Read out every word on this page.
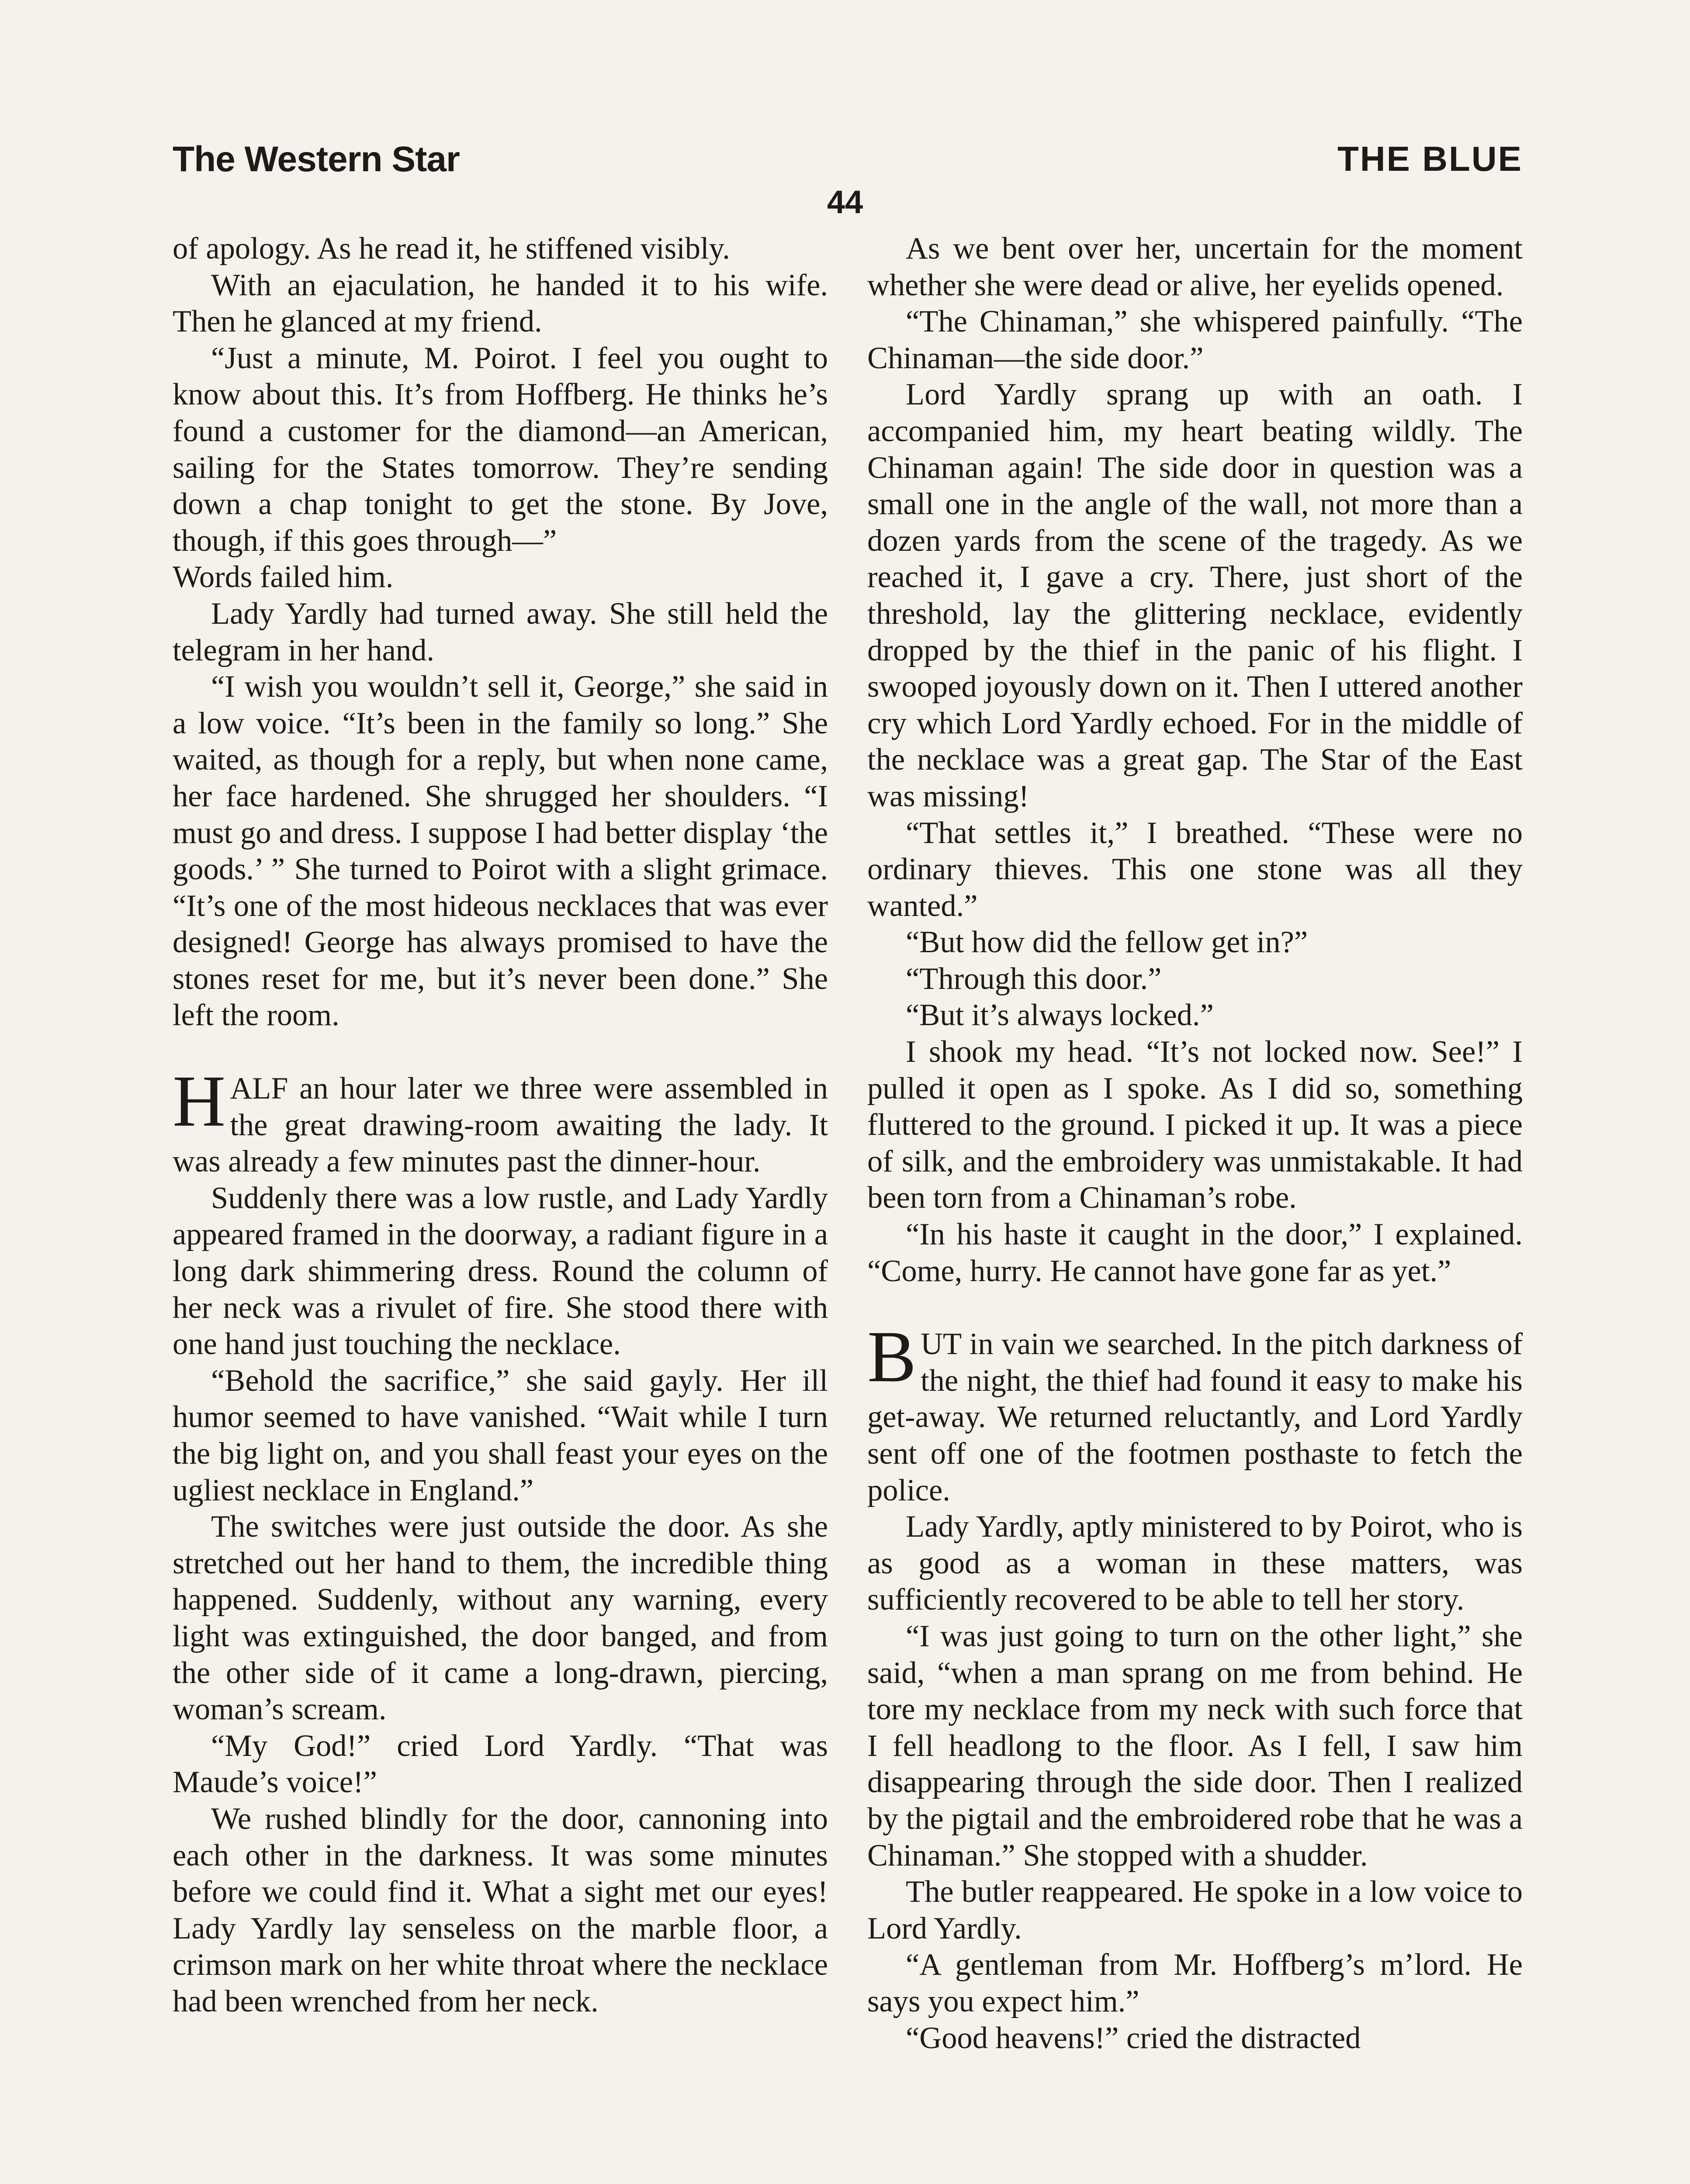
The Western Star	THE BLUE
44

of apology. As he read it, he stiffened visibly.

With an ejaculation, he handed it to his wife. Then he glanced at my friend.

“Just a minute, M. Poirot. I feel you ought to know about this. It’s from Hoffberg. He thinks he’s found a customer for the diamond—an American, sailing for the States tomorrow. They’re sending down a chap tonight to get the stone. By Jove, though, if this goes through—”

Words failed him.

Lady Yardly had turned away. She still held the telegram in her hand.

“I wish you wouldn’t sell it, George,” she said in a low voice. “It’s been in the family so long.” She waited, as though for a reply, but when none came, her face hardened. She shrugged her shoulders. “I must go and dress. I suppose I had better display ‘the goods.’ ” She turned to Poirot with a slight grimace. “It’s one of the most hideous necklaces that was ever designed! George has always promised to have the stones reset for me, but it’s never been done.” She left the room.

HALF an hour later we three were assembled in the great drawing-room awaiting the lady. It was already a few minutes past the dinner-hour.

Suddenly there was a low rustle, and Lady Yardly appeared framed in the doorway, a radiant figure in a long dark shimmering dress. Round the column of her neck was a rivulet of fire. She stood there with one hand just touching the necklace.

“Behold the sacrifice,” she said gayly. Her ill humor seemed to have vanished. “Wait while I turn the big light on, and you shall feast your eyes on the ugliest necklace in England.”

The switches were just outside the door. As she stretched out her hand to them, the incredible thing happened. Suddenly, without any warning, every light was extinguished, the door banged, and from the other side of it came a long-drawn, piercing, woman’s scream.

“My God!” cried Lord Yardly. “That was Maude’s voice!”

We rushed blindly for the door, cannoning into each other in the darkness. It was some minutes before we could find it. What a sight met our eyes! Lady Yardly lay senseless on the marble floor, a crimson mark on her white throat where the necklace had been wrenched from her neck.

As we bent over her, uncertain for the moment whether she were dead or alive, her eyelids opened.

“The Chinaman,” she whispered painfully. “The Chinaman—the side door.”

Lord Yardly sprang up with an oath. I accompanied him, my heart beating wildly. The Chinaman again! The side door in question was a small one in the angle of the wall, not more than a dozen yards from the scene of the tragedy. As we reached it, I gave a cry. There, just short of the threshold, lay the glittering necklace, evidently dropped by the thief in the panic of his flight. I swooped joyously down on it. Then I uttered another cry which Lord Yardly echoed. For in the middle of the necklace was a great gap. The Star of the East was missing!

“That settles it,” I breathed. “These were no ordinary thieves. This one stone was all they wanted.”

“But how did the fellow get in?”

“Through this door.”

“But it’s always locked.”

I shook my head. “It’s not locked now. See!” I pulled it open as I spoke. As I did so, something fluttered to the ground. I picked it up. It was a piece of silk, and the embroidery was unmistakable. It had been torn from a Chinaman’s robe.

“In his haste it caught in the door,” I explained. “Come, hurry. He cannot have gone far as yet.”

BUT in vain we searched. In the pitch darkness of the night, the thief had found it easy to make his get-away. We returned reluctantly, and Lord Yardly sent off one of the footmen posthaste to fetch the police.

Lady Yardly, aptly ministered to by Poirot, who is as good as a woman in these matters, was sufficiently recovered to be able to tell her story.

“I was just going to turn on the other light,” she said, “when a man sprang on me from behind. He tore my necklace from my neck with such force that I fell headlong to the floor. As I fell, I saw him disappearing through the side door. Then I realized by the pigtail and the embroidered robe that he was a Chinaman.” She stopped with a shudder.

The butler reappeared. He spoke in a low voice to Lord Yardly.

“A gentleman from Mr. Hoffberg’s m’lord. He says you expect him.”

“Good heavens!” cried the distracted
